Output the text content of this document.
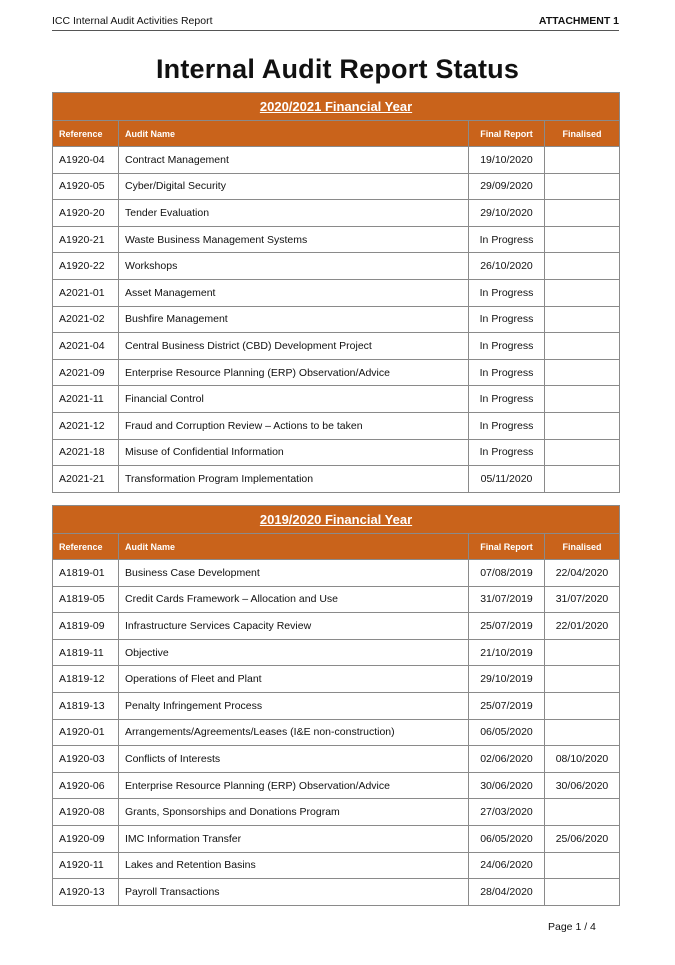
ICC Internal Audit Activities Report	ATTACHMENT 1
Internal Audit Report Status
2020/2021 Financial Year			
Reference	Audit Name	Final Report	Finalised
A1920-04	Contract Management	19/10/2020	
A1920-05	Cyber/Digital Security	29/09/2020	
A1920-20	Tender Evaluation	29/10/2020	
A1920-21	Waste Business Management Systems	In Progress	
A1920-22	Workshops	26/10/2020	
A2021-01	Asset Management	In Progress	
A2021-02	Bushfire Management	In Progress	
A2021-04	Central Business District (CBD) Development Project	In Progress	
A2021-09	Enterprise Resource Planning (ERP) Observation/Advice	In Progress	
A2021-11	Financial Control	In Progress	
A2021-12	Fraud and Corruption Review – Actions to be taken	In Progress	
A2021-18	Misuse of Confidential Information	In Progress	
A2021-21	Transformation Program Implementation	05/11/2020	
2019/2020 Financial Year			
Reference	Audit Name	Final Report	Finalised
A1819-01	Business Case Development	07/08/2019	22/04/2020
A1819-05	Credit Cards Framework – Allocation and Use	31/07/2019	31/07/2020
A1819-09	Infrastructure Services Capacity Review	25/07/2019	22/01/2020
A1819-11	Objective	21/10/2019	
A1819-12	Operations of Fleet and Plant	29/10/2019	
A1819-13	Penalty Infringement Process	25/07/2019	
A1920-01	Arrangements/Agreements/Leases (I&E non-construction)	06/05/2020	
A1920-03	Conflicts of Interests	02/06/2020	08/10/2020
A1920-06	Enterprise Resource Planning (ERP) Observation/Advice	30/06/2020	30/06/2020
A1920-08	Grants, Sponsorships and Donations Program	27/03/2020	
A1920-09	IMC Information Transfer	06/05/2020	25/06/2020
A1920-11	Lakes and Retention Basins	24/06/2020	
A1920-13	Payroll Transactions	28/04/2020	
Page 1 / 4
